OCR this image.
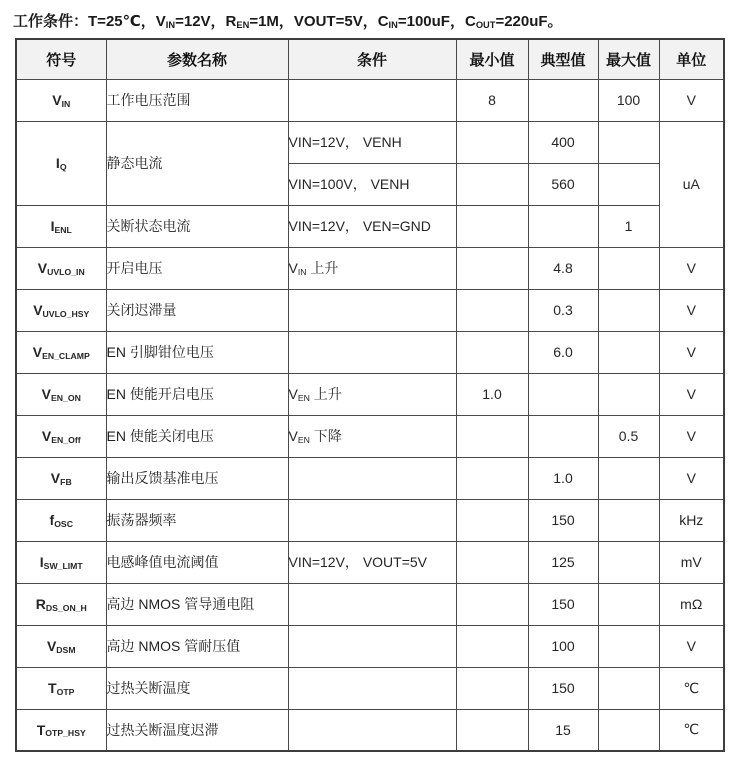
工作条件：T=25℃，$V_{IN}=12V$，$R_{EN}=1M$，VOUT=5V，$C_{IN}=100uF$，$C_{OUT}=220uF$。
符号	参数名称	条件	最小值	典型值	最大值	单位
$V_{IN}$	工作电压范围		8		100	V
$I_Q$	静态电流	VIN=12V， VENH		400		uA
		VIN=100V， VENH		560		
$I_{ENL}$	关断状态电流	VIN=12V， VEN=GND			1	
$V_{UVLO\_IN}$	开启电压	$V_{IN}$ 上升		4.8		V
$V_{UVLO\_HSY}$	关闭迟滞量			0.3		V
$V_{EN\_CLAMP}$	EN 引脚钳位电压			6.0		V
$V_{EN\_ON}$	EN 使能开启电压	$V_{EN}$ 上升	1.0			V
$V_{EN\_Off}$	EN 使能关闭电压	$V_{EN}$ 下降			0.5	V
$V_{FB}$	输出反馈基准电压			1.0		V
$f_{OSC}$	振荡器频率			150		kHz
$I_{SW\_LIMT}$	电感峰值电流阈值	VIN=12V， VOUT=5V		125		mV
$R_{DS\_ON\_H}$	高边 NMOS 管导通电阻			150		mΩ
$V_{DSM}$	高边 NMOS 管耐压值			100		V
$T_{OTP}$	过热关断温度			150		℃
$T_{OTP\_HSY}$	过热关断温度迟滞			15		℃
